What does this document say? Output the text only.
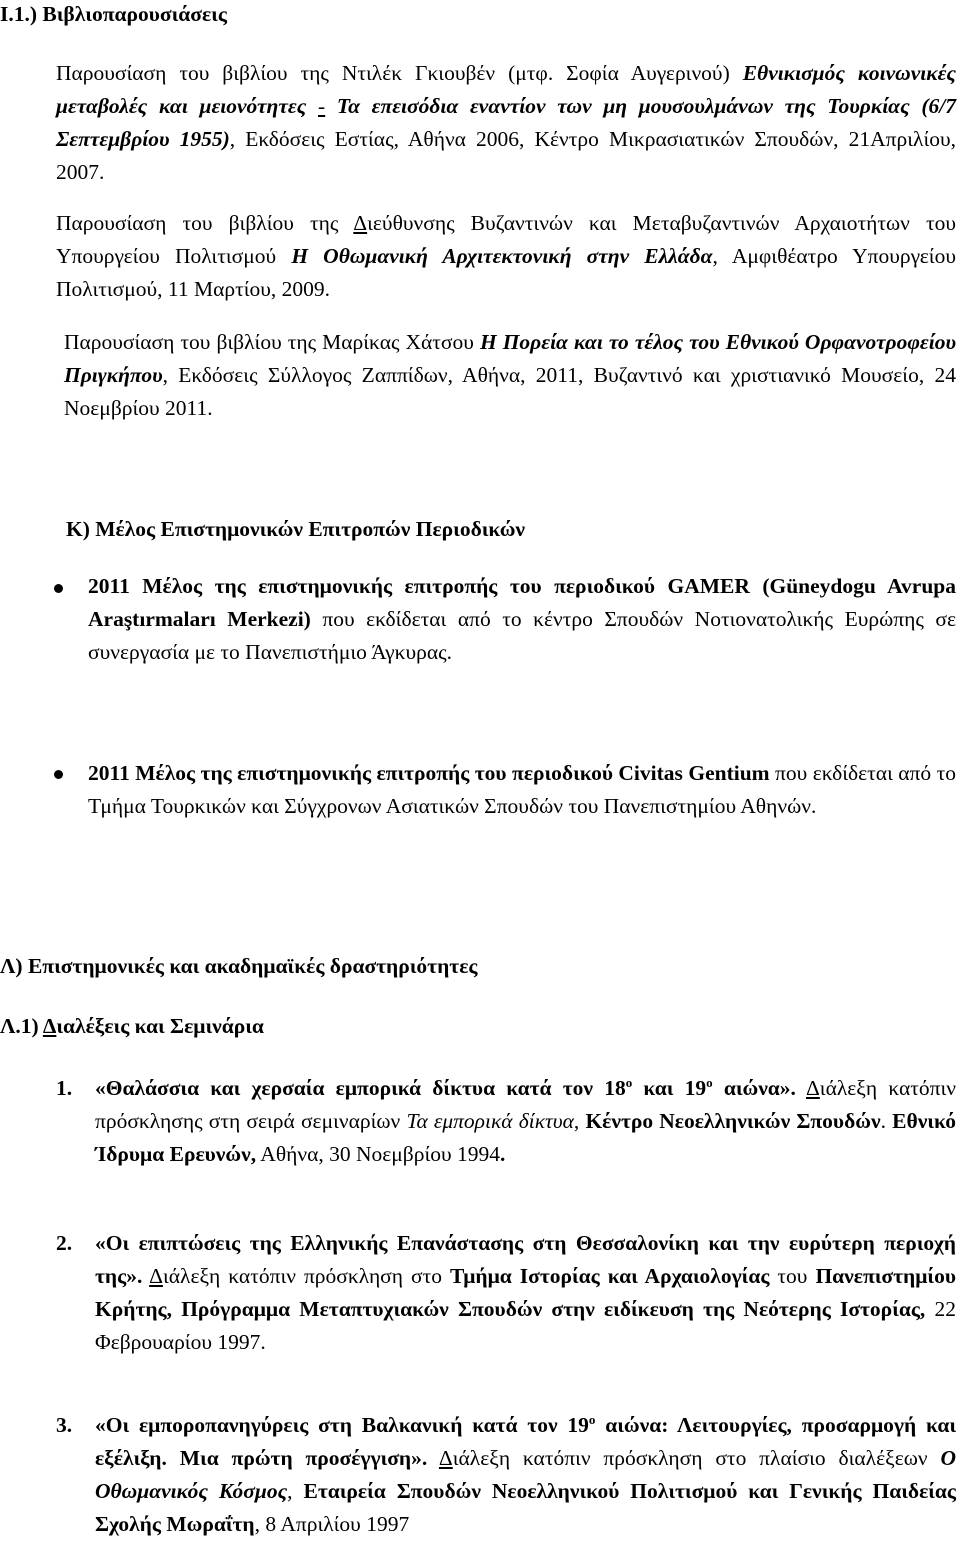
Ι.1.) Βιβλιοπαρουσιάσεις
Παρουσίαση του βιβλίου της Ντιλέκ Γκιουβέν (μτφ. Σοφία Αυγερινού) Εθνικισμός κοινωνικές μεταβολές και μειονότητες - Τα επεισόδια εναντίον των μη μουσουλμάνων της Τουρκίας (6/7 Σεπτεμβρίου 1955), Εκδόσεις Εστίας, Αθήνα 2006, Κέντρο Μικρασιατικών Σπουδών, 21Απριλίου, 2007.
Παρουσίαση του βιβλίου της Διεύθυνσης Βυζαντινών και Μεταβυζαντινών Αρχαιοτήτων του Υπουργείου Πολιτισμού Η Οθωμανική Αρχιτεκτονική στην Ελλάδα, Αμφιθέατρο Υπουργείου Πολιτισμού, 11 Μαρτίου, 2009.
Παρουσίαση του βιβλίου της Μαρίκας Χάτσου Η Πορεία και το τέλος του Εθνικού Ορφανοτροφείου Πριγκήπου, Εκδόσεις Σύλλογος Ζαππίδων, Αθήνα, 2011, Βυζαντινό και χριστιανικό Μουσείο, 24 Νοεμβρίου 2011.
Κ) Μέλος Επιστημονικών Επιτροπών Περιοδικών
2011 Μέλος της επιστημονικής επιτροπής του περιοδικού GAMER (Güneydogu Avrupa Araştırmaları Merkezi) που εκδίδεται από το κέντρο Σπουδών Νοτιονατολικής Ευρώπης σε συνεργασία με το Πανεπιστήμιο Άγκυρας.
2011 Μέλος της επιστημονικής επιτροπής του περιοδικού Civitas Gentium που εκδίδεται από το Τμήμα Τουρκικών και Σύγχρονων Ασιατικών Σπουδών του Πανεπιστημίου Αθηνών.
Λ) Επιστημονικές και ακαδημαϊκές δραστηριότητες
Λ.1) Διαλέξεις και Σεμινάρια
1. «Θαλάσσια και χερσαία εμπορικά δίκτυα κατά τον $18^o$ και $19^o$ αιώνα». Διάλεξη κατόπιν πρόσκλησης στη σειρά σεμιναρίων Τα εμπορικά δίκτυα, Κέντρο Νεοελληνικών Σπουδών. Εθνικό Ίδρυμα Ερευνών, Αθήνα, 30 Νοεμβρίου 1994.
2. «Οι επιπτώσεις της Ελληνικής Επανάστασης στη Θεσσαλονίκη και την ευρύτερη περιοχή της». Διάλεξη κατόπιν πρόσκληση στο Τμήμα Ιστορίας και Αρχαιολογίας του Πανεπιστημίου Κρήτης, Πρόγραμμα Μεταπτυχιακών Σπουδών στην ειδίκευση της Νεότερης Ιστορίας, 22 Φεβρουαρίου 1997.
3. «Οι εμποροπανηγύρεις στη Βαλκανική κατά τον $19^o$ αιώνα: Λειτουργίες, προσαρμογή και εξέλιξη. Μια πρώτη προσέγγιση». Διάλεξη κατόπιν πρόσκληση στο πλαίσιο διαλέξεων Ο Οθωμανικός Κόσμος, Εταιρεία Σπουδών Νεοελληνικού Πολιτισμού και Γενικής Παιδείας Σχολής Μωραΐτη, 8 Απριλίου 1997
